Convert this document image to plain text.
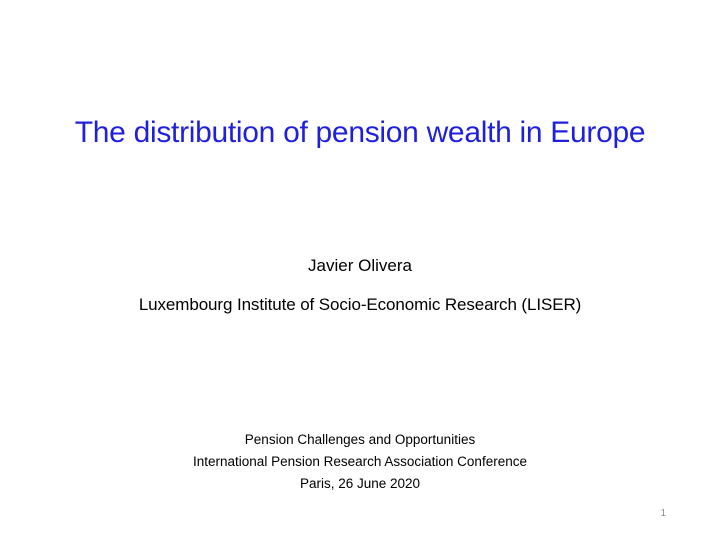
The distribution of pension wealth in Europe
Javier Olivera
Luxembourg Institute of Socio-Economic Research (LISER)
Pension Challenges and Opportunities
International Pension Research Association Conference
Paris, 26 June 2020
1
